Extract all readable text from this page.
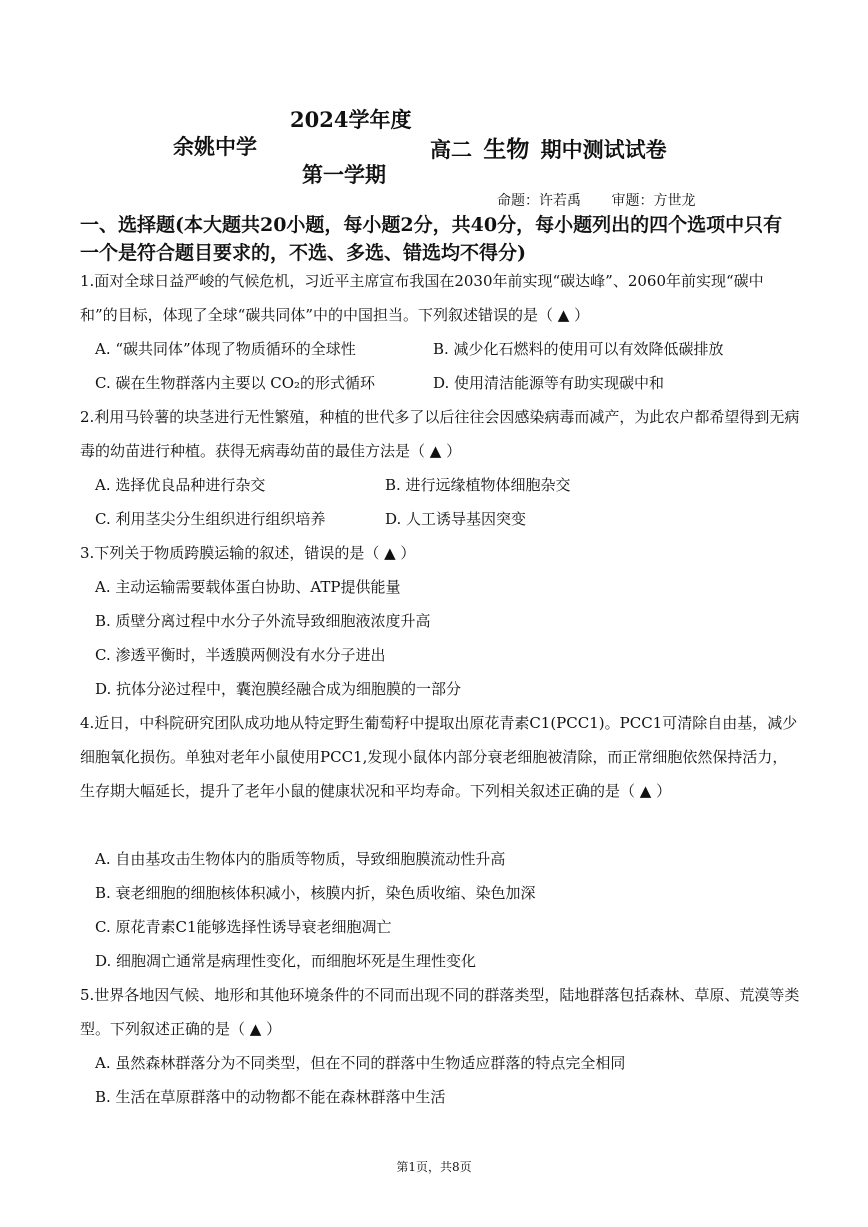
2024学年度
余姚中学	高二 生物 期中测试试卷
第一学期
命题：许若禹 审题：方世龙
一、选择题(本大题共20小题，每小题2分，共40分，每小题列出的四个选项中只有一个是符合题目要求的，不选、多选、错选均不得分)
1.面对全球日益严峻的气候危机，习近平主席宣布我国在2030年前实现“碳达峰”、2060年前实现“碳中和”的目标，体现了全球“碳共同体”中的中国担当。下列叙述错误的是（ ▲ ）
A. “碳共同体”体现了物质循环的全球性	B. 减少化石燃料的使用可以有效降低碳排放
C. 碳在生物群落内主要以 CO₂的形式循环	D. 使用清洁能源等有助实现碳中和
2.利用马铃薯的块茎进行无性繁殖，种植的世代多了以后往往会因感染病毒而减产，为此农户都希望得到无病毒的幼苗进行种植。获得无病毒幼苗的最佳方法是（ ▲ ）
A. 选择优良品种进行杂交	B. 进行远缘植物体细胞杂交
C. 利用茎尖分生组织进行组织培养	D. 人工诱导基因突变
3.下列关于物质跨膜运输的叙述，错误的是（ ▲ ）
A. 主动运输需要载体蛋白协助、ATP提供能量
B. 质壁分离过程中水分子外流导致细胞液浓度升高
C. 渗透平衡时，半透膜两侧没有水分子进出
D. 抗体分泌过程中，囊泡膜经融合成为细胞膜的一部分
4.近日，中科院研究团队成功地从特定野生葡萄籽中提取出原花青素C1(PCC1)。PCC1可清除自由基，减少细胞氧化损伤。单独对老年小鼠使用PCC1,发现小鼠体内部分衰老细胞被清除，而正常细胞依然保持活力，生存期大幅延长，提升了老年小鼠的健康状况和平均寿命。下列相关叙述正确的是（ ▲ ）
A. 自由基攻击生物体内的脂质等物质，导致细胞膜流动性升高
B. 衰老细胞的细胞核体积减小，核膜内折，染色质收缩、染色加深
C. 原花青素C1能够选择性诱导衰老细胞凋亡
D. 细胞凋亡通常是病理性变化，而细胞坏死是生理性变化
5.世界各地因气候、地形和其他环境条件的不同而出现不同的群落类型，陆地群落包括森林、草原、荒漠等类型。下列叙述正确的是（ ▲ ）
A. 虽然森林群落分为不同类型，但在不同的群落中生物适应群落的特点完全相同
B. 生活在草原群落中的动物都不能在森林群落中生活
第1页，共8页
